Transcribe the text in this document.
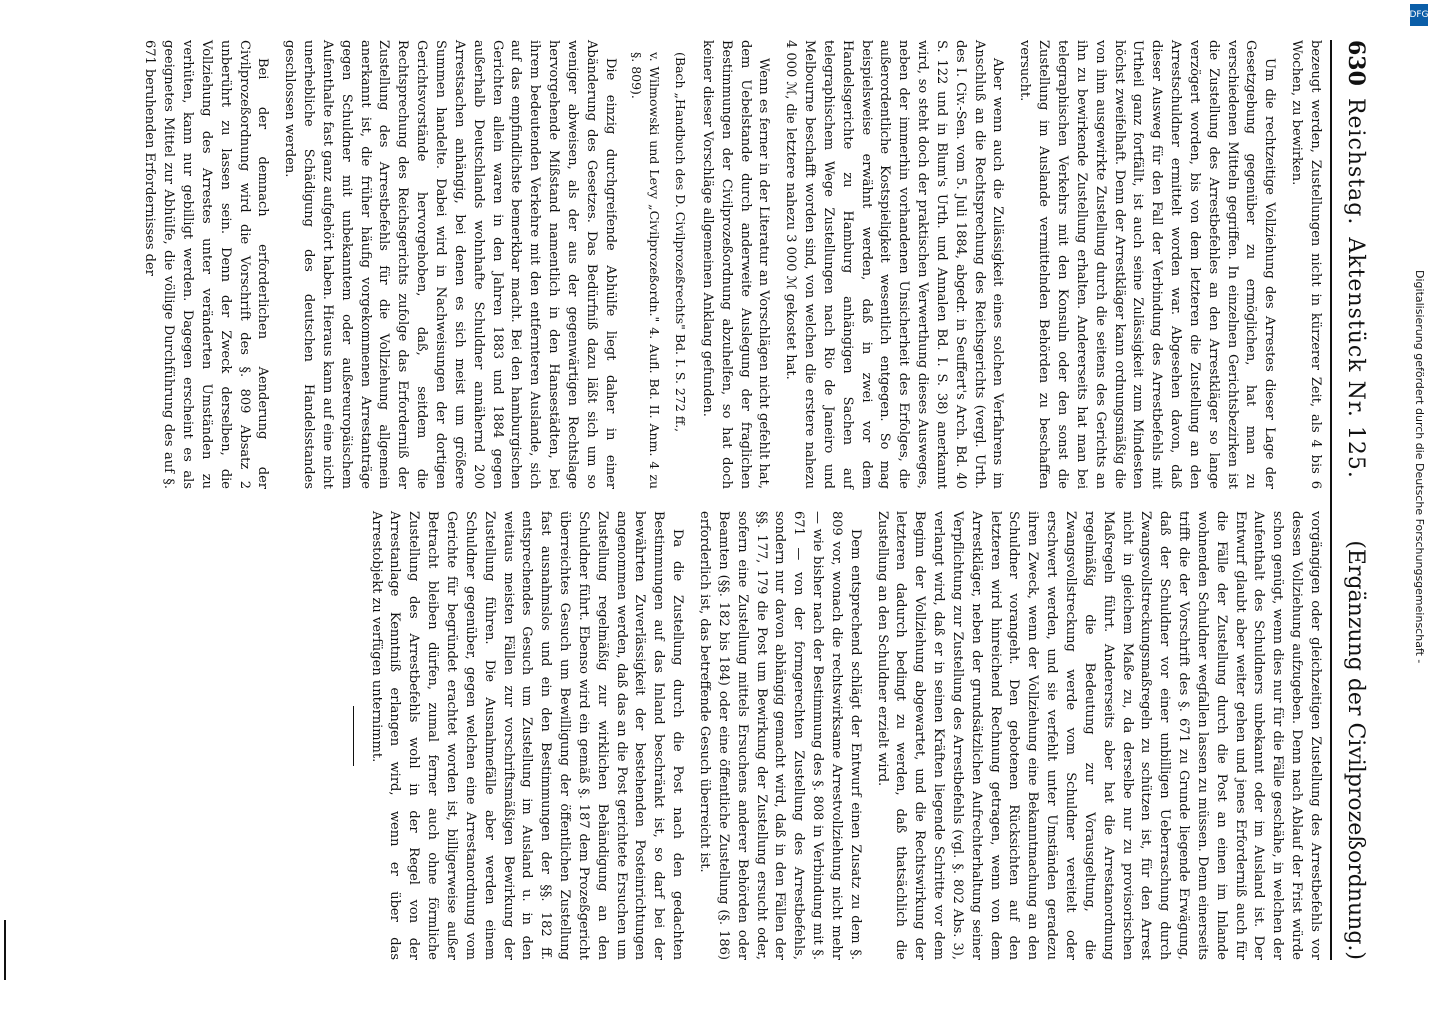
630
Reichstag.
Aktenstück Nr. 125.
(Ergänzung der Civilprozeßordnung.)

bezeugt werden, Zustellungen nicht in kürzerer Zeit, als 4 bis 6 Wochen, zu bewirken.

Um die rechtzeitige Vollziehung des Arrestes dieser Lage der Gesetzgebung gegenüber zu ermöglichen, hat man zu verschiedenen Mitteln gegriffen. In einzelnen Gerichtsbezirken ist die Zustellung des Arrestbefehles an den Arrestkläger so lange verzögert worden, bis von dem letzteren die Zustellung an den Arrestschuldner ermittelt worden war. Abgesehen davon, daß dieser Ausweg für den Fall der Verbindung des Arrestbefehls mit Urtheil ganz fortfällt, ist auch seine Zulässigkeit zum Mindesten höchst zweifelhaft. Denn der Arrestkläger kann ordnungsmäßig die von ihm ausgewirkte Zustellung durch die seitens des Gerichts an ihn zu bewirkende Zustellung erhalten. Andererseits hat man bei telegraphischen Verkehrs mit den Konsuln oder den sonst die Zustellung im Auslande vermittelnden Behörden zu beschaffen versucht.

Aber wenn auch die Zulässigkeit eines solchen Verfahrens im Anschluß an die Rechtsprechung des Reichsgerichts (vergl. Urth. des I. Civ.-Sen. vom 5. Juli 1884, abgedr. in Seuffert's Arch. Bd. 40 S. 122 und in Blum's Urth. und Annalen Bd. I. S. 38) anerkannt wird, so steht doch der praktischen Verwerthung dieses Ausweges, neben der immerhin vorhandenen Unsicherheit des Erfolges, die außerordentliche Kostspieligkeit wesentlich entgegen. So mag beispielsweise erwähnt werden, daß in zwei vor dem Handelsgerichte zu Hamburg anhängigen Sachen auf telegraphischem Wege Zustellungen nach Rio de Janeiro und Melbourne beschafft worden sind, von welchen die erstere nahezu 4 000 ℳ, die letztere nahezu 3 000 ℳ gekostet hat.

Wenn es ferner in der Literatur an Vorschlägen nicht gefehlt hat, dem Uebelstande durch anderweite Auslegung der fraglichen Bestimmungen der Civilprozeßordnung abzuhelfen, so hat doch keiner dieser Vorschläge allgemeinen Anklang gefunden.

(Bach „Handbuch des D. Civilprozeßrechts" Bd. I. S. 272 ff.,
v. Wilmowski und Levy „Civilprozeßordn." 4. Aufl. Bd. II. Anm. 4 zu §. 809).

Die einzig durchgreifende Abhülfe liegt daher in einer Abänderung des Gesetzes. Das Bedürfniß dazu läßt sich um so weniger abweisen, als der aus der gegenwärtigen Rechtslage hervorgehende Mißstand namentlich in den Hansestädten, bei ihrem bedeutenden Verkehre mit den entfernteren Auslande, sich auf das empfindlichste bemerkbar macht. Bei den hamburgischen Gerichten allein waren in den Jahren 1883 und 1884 gegen außerhalb Deutschlands wohnhafte Schuldner annähernd 200 Arrestsachen anhängig, bei denen es sich meist um größere Summen handelte. Dabei wird in Nachweisungen der dortigen Gerichtsvorstände hervorgehoben, daß, seitdem die Rechtsprechung des Reichsgerichts zufolge das Erforderniß der Zustellung des Arrestbefehls für die Vollziehung allgemein anerkannt ist, die früher häufig vorgekommenen Arrestanträge gegen Schuldner mit unbekanntem oder außereuropäischem Aufenthalte fast ganz aufgehört haben. Hieraus kann auf eine nicht unerhebliche Schädigung des deutschen Handelsstandes geschlossen werden.

Bei der demnach erforderlichen Aenderung der Civilprozeßordnung wird die Vorschrift des §. 809 Absatz 2 unberührt zu lassen sein. Denn der Zweck derselben, die Vollziehung des Arrestes unter veränderten Umständen zu verhüten, kann nur gebilligt werden. Dagegen erscheint es als geeignetes Mittel zur Abhülfe, die völlige Durchführung des auf §. 671 beruhenden Erfordernisses der

vorgängigen oder gleichzeitigen Zustellung des Arrestbefehls vor dessen Vollziehung aufzugeben. Denn nach Ablauf der Frist würde schon genügt, wenn dies nur für die Fälle geschähe, in welchen der Aufenthalt des Schuldners unbekannt oder im Ausland ist. Der Entwurf glaubt aber weiter gehen und jenes Erforderniß auch für die Fälle der Zustellung durch die Post an einen im Inlande wohnenden Schuldner wegfallen lassen zu müssen. Denn einerseits trifft die der Vorschrift des §. 671 zu Grunde liegende Erwägung, daß der Schuldner vor einer unbilligen Ueberraschung durch Zwangsvollstreckungsmaßregeln zu schützen ist, für den Arrest nicht in gleichem Maße zu, da derselbe nur zu provisorischen Maßregeln führt. Andererseits aber hat die Arrestanordnung regelmäßig die Bedeutung zur Vorausgeltung, die Zwangsvollstreckung werde vom Schuldner vereitelt oder erschwert werden, und sie verfehlt unter Umständen geradezu ihren Zweck, wenn der Vollziehung eine Bekanntmachung an den Schuldner vorangeht. Den gebotenen Rücksichten auf den letzteren wird hinreichend Rechnung getragen, wenn von dem Arrestkläger, neben der grundsätzlichen Aufrechterhaltung seiner Verpflichtung zur Zustellung des Arrestbefehls (vgl. §. 802 Abs. 3), verlangt wird, daß er in seinen Kräften liegende Schritte vor dem Beginn der Vollziehung abgewartet, und die Rechtswirkung der letzteren dadurch bedingt zu werden, daß thatsächlich die Zustellung an den Schuldner erzielt wird.

Dem entsprechend schlägt der Entwurf einen Zusatz zu dem §. 809 vor, wonach die rechtswirksame Arrestvollziehung nicht mehr — wie bisher nach der Bestimmung des §. 808 in Verbindung mit §. 671 — von der formgerechten Zustellung des Arrestbefehls, sondern nur davon abhängig gemacht wird, daß in den Fällen der §§. 177, 179 die Post um Bewirkung der Zustellung ersucht oder, sofern eine Zustellung mittels Ersuchens anderer Behörden oder Beamten (§§. 182 bis 184) oder eine öffentliche Zustellung (§. 186) erforderlich ist, das betreffende Gesuch überreicht ist.

Da die Zustellung durch die Post nach den gedachten Bestimmungen auf das Inland beschränkt ist, so darf bei der bewährten Zuverlässigkeit der bestehenden Posteinrichtungen angenommen werden, daß das an die Post gerichtete Ersuchen um Zustellung regelmäßig zur wirklichen Behändigung an den Schuldner führt. Ebenso wird ein gemäß §. 187 dem Prozeßgericht überreichtes Gesuch um Bewilligung der öffentlichen Zustellung fast ausnahmslos und ein den Bestimmungen der §§. 182 ff. entsprechendes Gesuch um Zustellung im Ausland u. in den weitaus meisten Fällen zur vorschriftsmäßigen Bewirkung der Zustellung führen. Die Ausnahmefälle aber werden einem Schuldner gegenüber, gegen welchen eine Arrestanordnung vom Gerichte für begründet erachtet worden ist, billigerweise außer Betracht bleiben dürfen, zumal ferner auch ohne förmliche Zustellung des Arrestbefehls wohl in der Regel von der Arrestanlage Kenntniß erlangen wird, wenn er über das Arrestobjekt zu verfügen unternimmt.

DFG
Digitalisierung gefördert durch die Deutsche Forschungsgemeinschaft -
